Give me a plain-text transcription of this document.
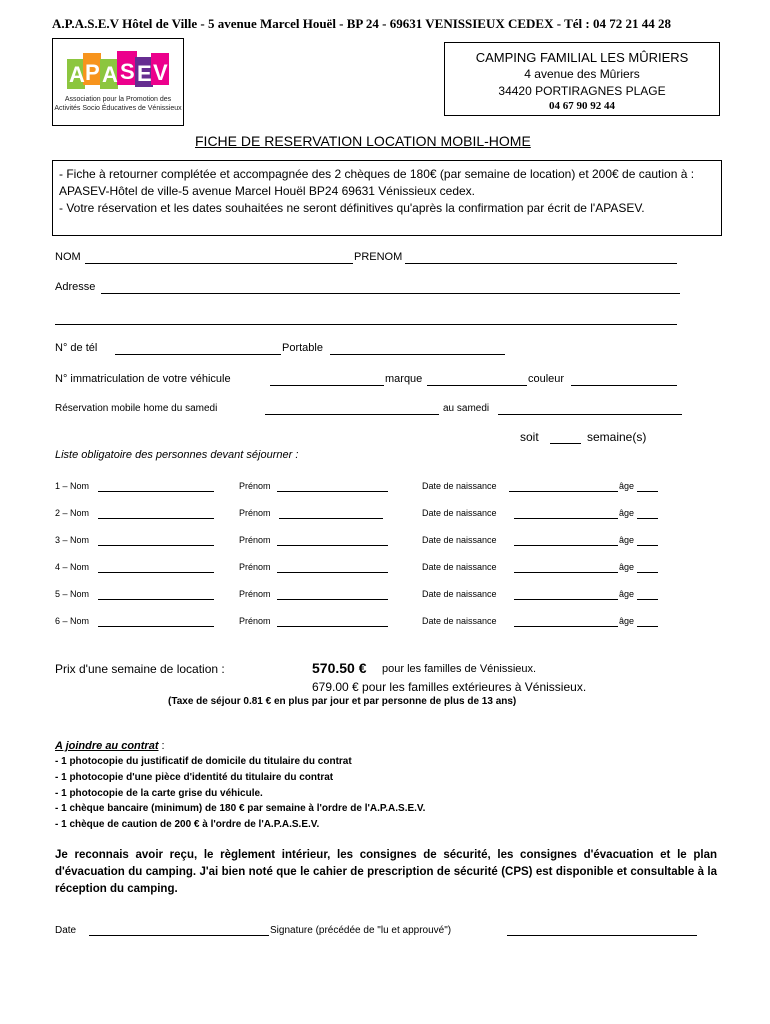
A.P.A.S.E.V Hôtel de Ville - 5 avenue Marcel Houël - BP 24 - 69631 VENISSIEUX CEDEX - Tél : 04 72 21 44 28
A P A S E V
Association pour la Promotion des Activités Socio Éducatives de Vénissieux
CAMPING FAMILIAL LES MÛRIERS
4 avenue des Mûriers
34420 PORTIRAGNES PLAGE
04 67 90 92 44
FICHE DE RESERVATION LOCATION MOBIL-HOME
- Fiche à retourner complétée et accompagnée des 2 chèques de 180€ (par semaine de location) et 200€ de caution à : APASEV-Hôtel de ville-5 avenue Marcel Houël BP24 69631 Vénissieux cedex.
- Votre réservation et les dates souhaitées ne seront définitives qu'après la confirmation par écrit de l'APASEV.
NOM	PRENOM
Adresse
N° de tél	Portable
N° immatriculation de votre véhicule	marque	couleur
Réservation mobile home du samedi	au samedi
soit	semaine(s)
Liste obligatoire des personnes devant séjourner :
1 – Nom	Prénom	Date de naissance	âge
2 – Nom	Prénom	Date de naissance	âge
3 – Nom	Prénom	Date de naissance	âge
4 – Nom	Prénom	Date de naissance	âge
5 – Nom	Prénom	Date de naissance	âge
6 – Nom	Prénom	Date de naissance	âge
Prix d'une semaine de location :	570.50 € pour les familles de Vénissieux.
679.00 € pour les familles extérieures à Vénissieux.
(Taxe de séjour 0.81 € en plus par jour et par personne de plus de 13 ans)
A joindre au contrat :
- 1 photocopie du justificatif de domicile du titulaire du contrat
- 1 photocopie d'une pièce d'identité du titulaire du contrat
- 1 photocopie de la carte grise du véhicule.
- 1 chèque bancaire (minimum) de 180 € par semaine à l'ordre de l'A.P.A.S.E.V.
- 1 chèque de caution de 200 € à l'ordre de l'A.P.A.S.E.V.
Je reconnais avoir reçu, le règlement intérieur, les consignes de sécurité, les consignes d'évacuation et le plan d'évacuation du camping. J'ai bien noté que le cahier de prescription de sécurité (CPS) est disponible et consultable à la réception du camping.
Date	Signature (précédée de "lu et approuvé")
